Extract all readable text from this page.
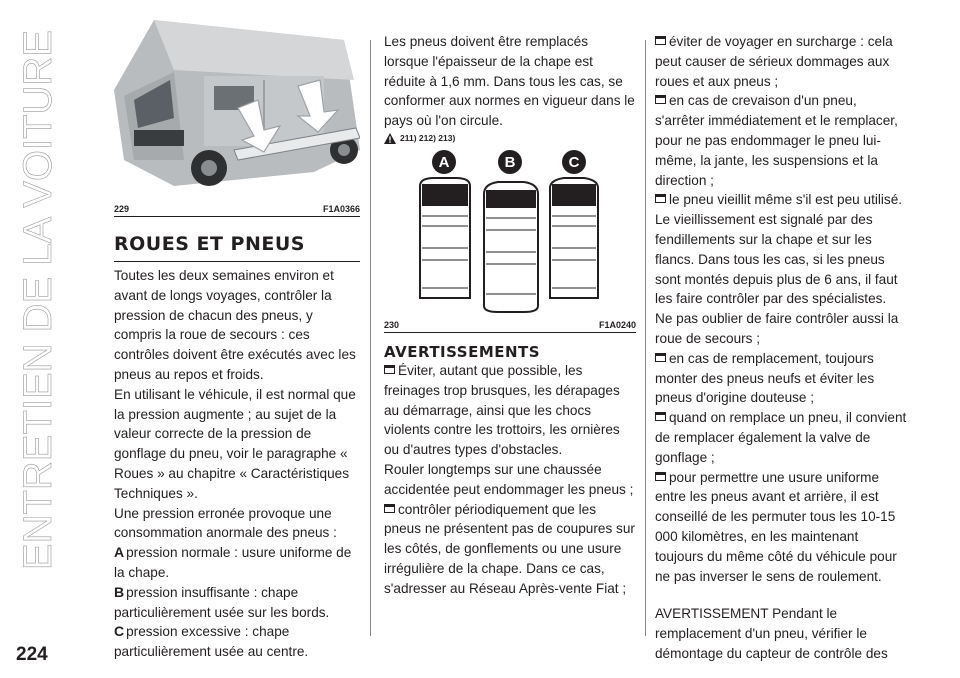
ENTRETIEN DE LA VOITURE
224
229	F1A0366
ROUES ET PNEUS

Toutes les deux semaines environ et avant de longs voyages, contrôler la pression de chacun des pneus, y compris la roue de secours : ces contrôles doivent être exécutés avec les pneus au repos et froids.

En utilisant le véhicule, il est normal que la pression augmente ; au sujet de la valeur correcte de la pression de gonflage du pneu, voir le paragraphe « Roues » au chapitre « Caractéristiques Techniques ».

Une pression erronée provoque une consommation anormale des pneus :

A pression normale : usure uniforme de la chape.

B pression insuffisante : chape particulièrement usée sur les bords.

C pression excessive : chape particulièrement usée au centre.

Les pneus doivent être remplacés lorsque l'épaisseur de la chape est réduite à 1,6 mm. Dans tous les cas, se conformer aux normes en vigueur dans le pays où l'on circule.

211) 212) 213)
A	B	C
230	F1A0240
AVERTISSEMENTS

Éviter, autant que possible, les freinages trop brusques, les dérapages au démarrage, ainsi que les chocs violents contre les trottoirs, les ornières ou d'autres types d'obstacles.

Rouler longtemps sur une chaussée accidentée peut endommager les pneus ;

contrôler périodiquement que les pneus ne présentent pas de coupures sur les côtés, de gonflements ou une usure irrégulière de la chape. Dans ce cas, s'adresser au Réseau Après-vente Fiat ;

éviter de voyager en surcharge : cela peut causer de sérieux dommages aux roues et aux pneus ;

en cas de crevaison d'un pneu, s'arrêter immédiatement et le remplacer, pour ne pas endommager le pneu lui-même, la jante, les suspensions et la direction ;

le pneu vieillit même s'il est peu utilisé. Le vieillissement est signalé par des fendillements sur la chape et sur les flancs. Dans tous les cas, si les pneus sont montés depuis plus de 6 ans, il faut les faire contrôler par des spécialistes.

Ne pas oublier de faire contrôler aussi la roue de secours ;

en cas de remplacement, toujours monter des pneus neufs et éviter les pneus d'origine douteuse ;

quand on remplace un pneu, il convient de remplacer également la valve de gonflage ;

pour permettre une usure uniforme entre les pneus avant et arrière, il est conseillé de les permuter tous les 10-15 000 kilomètres, en les maintenant toujours du même côté du véhicule pour ne pas inverser le sens de roulement.

AVERTISSEMENT Pendant le remplacement d'un pneu, vérifier le démontage du capteur de contrôle des
